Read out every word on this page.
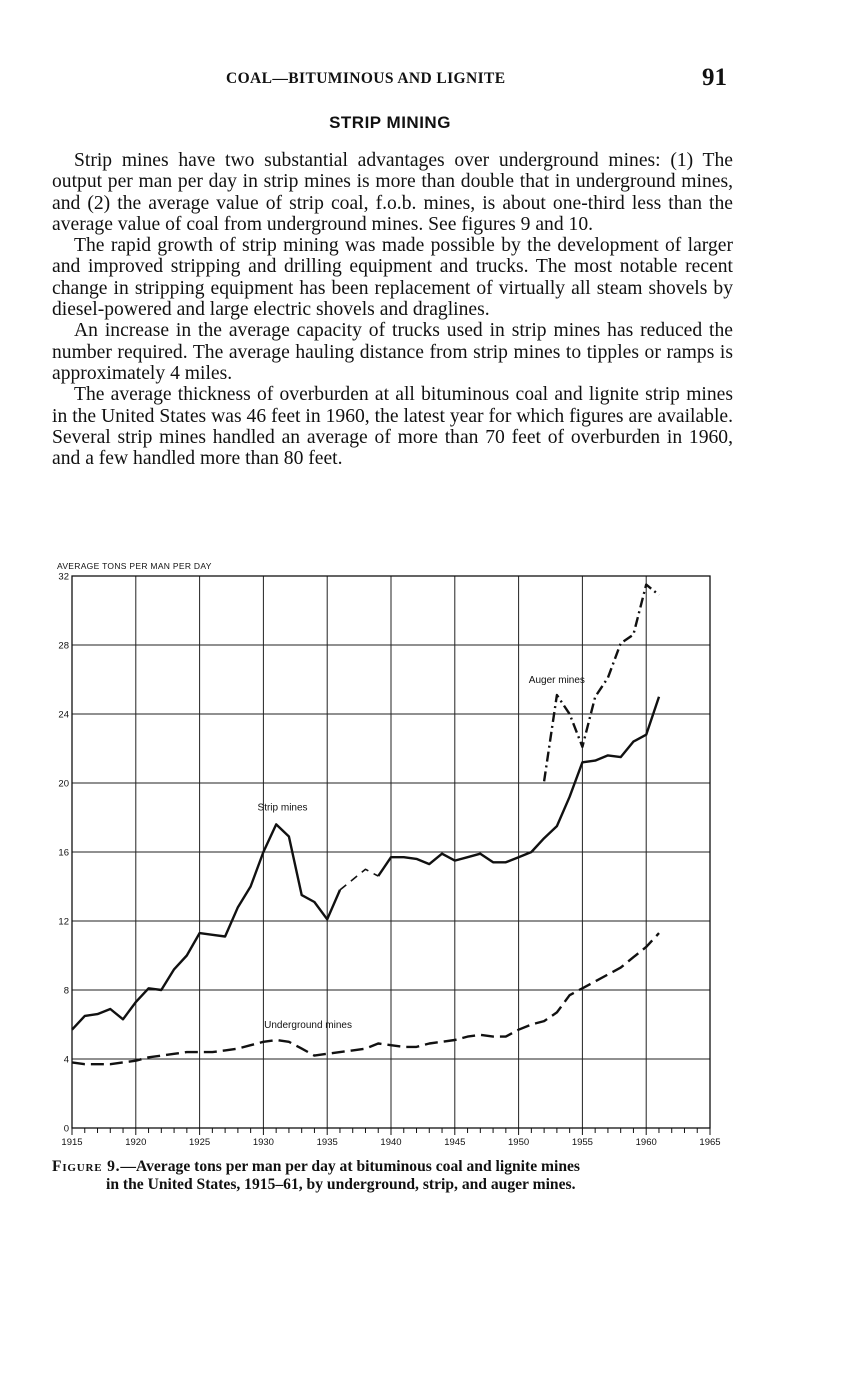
COAL—BITUMINOUS AND LIGNITE	91
STRIP MINING

Strip mines have two substantial advantages over underground mines: (1) The output per man per day in strip mines is more than double that in underground mines, and (2) the average value of strip coal, f.o.b. mines, is about one-third less than the average value of coal from underground mines. See figures 9 and 10.

The rapid growth of strip mining was made possible by the development of larger and improved stripping and drilling equipment and trucks. The most notable recent change in stripping equipment has been replacement of virtually all steam shovels by diesel-powered and large electric shovels and draglines.

An increase in the average capacity of trucks used in strip mines has reduced the number required. The average hauling distance from strip mines to tipples or ramps is approximately 4 miles.

The average thickness of overburden at all bituminous coal and lignite strip mines in the United States was 46 feet in 1960, the latest year for which figures are available. Several strip mines handled an average of more than 70 feet of overburden in 1960, and a few handled more than 80 feet.

1915	1920	1925	1930	1935	1940	1945	1950	1955	1960	1965
0
4
8
12
16
20
24
28
32
AVERAGE TONS PER MAN PER DAY
Strip mines
Underground mines
Auger mines
Figure 9.—Average tons per man per day at bituminous coal and lignite mines
in the United States, 1915–61, by underground, strip, and auger mines.
